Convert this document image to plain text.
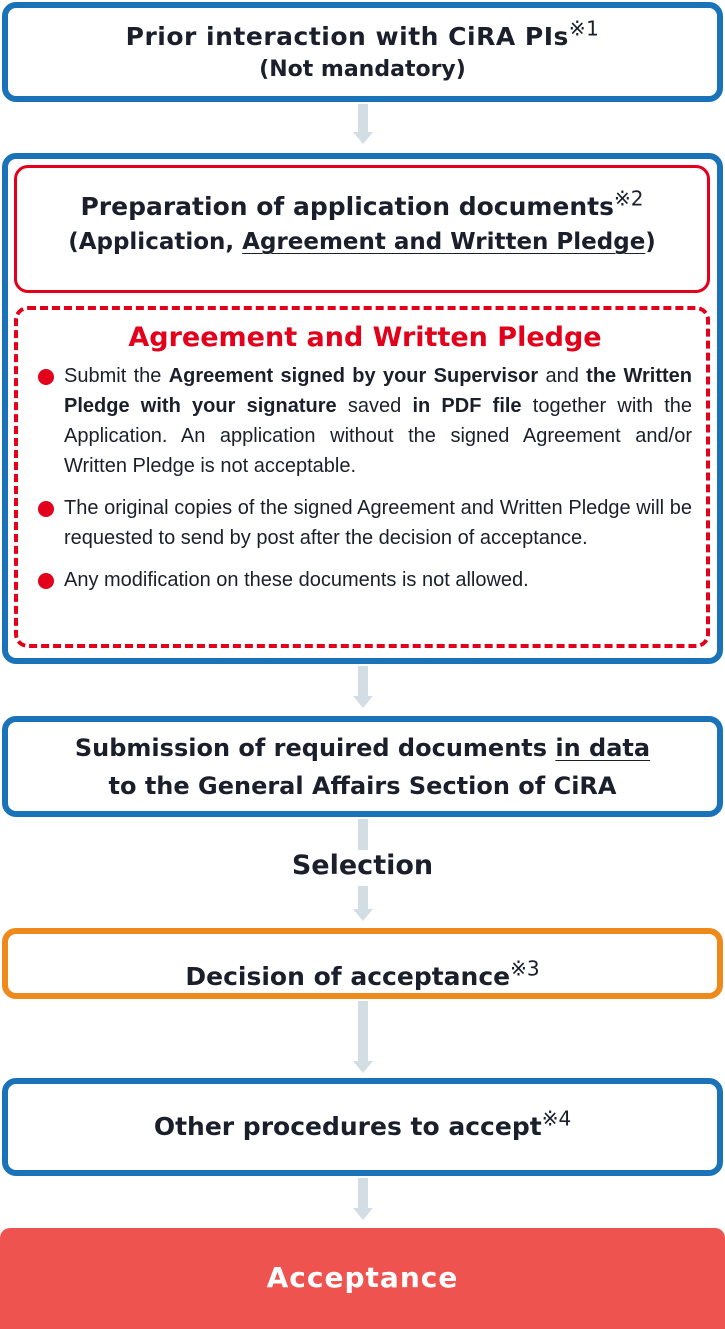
Prior interaction with CiRA PIs$^{※1}$
(Not mandatory)
Preparation of application documents$^{※2}$
(Application, Agreement and Written Pledge)
Agreement and Written Pledge
Submit the Agreement signed by your Supervisor and the Written Pledge with your signature saved in PDF file together with the Application. An application without the signed Agreement and/or Written Pledge is not acceptable.
The original copies of the signed Agreement and Written Pledge will be requested to send by post after the decision of acceptance.
Any modification on these documents is not allowed.
Submission of required documents in data
to the General Affairs Section of CiRA
Selection
Decision of acceptance$^{※3}$
Other procedures to accept$^{※4}$
Acceptance
